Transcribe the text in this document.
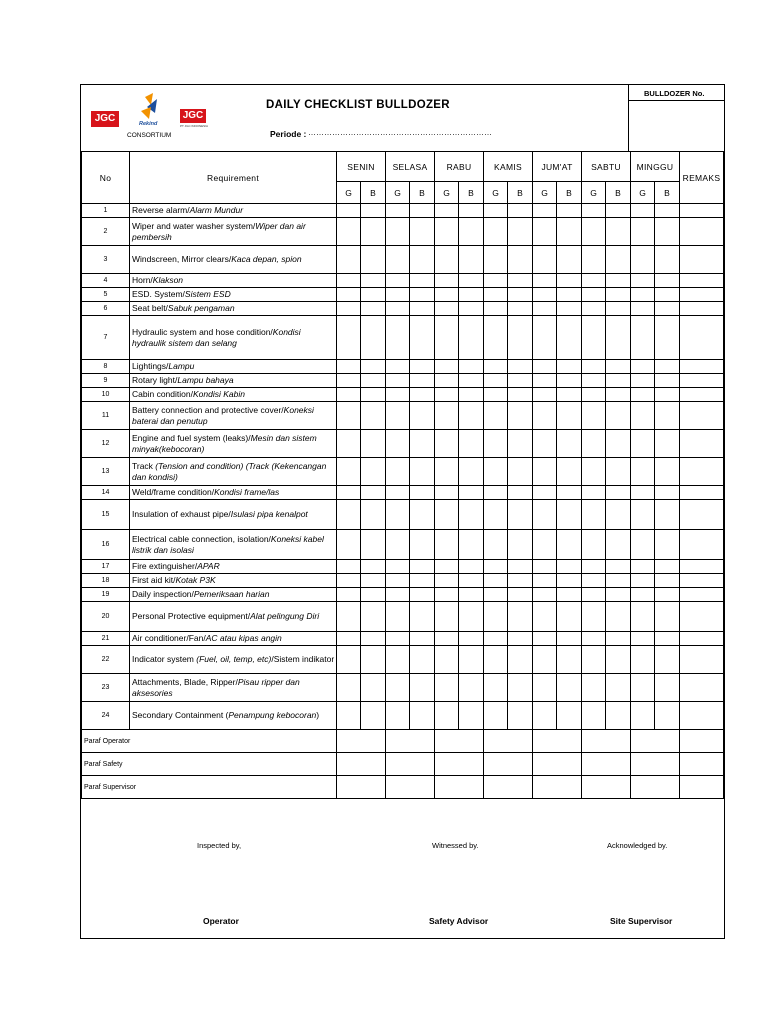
JGC	Rekind
CONSORTIUM
JGC
PT JGC INDONESIA
DAILY CHECKLIST BULLDOZER
Periode : ……………………………………………………………
BULLDOZER No.
No	Requirement	SENIN		SELASA		RABU		KAMIS		JUM'AT		SABTU		MINGGU		REMAKS
		G	B	G	B	G	B	G	B	G	B	G	B	G	B	
1	Reverse alarm/Alarm Mundur															
2	Wiper and water washer system/Wiper dan air pembersih															
3	Windscreen, Mirror clears/Kaca depan, spion															
4	Horn/Klakson															
5	ESD. System/Sistem ESD															
6	Seat belt/Sabuk pengaman															
7	Hydraulic system and hose condition/Kondisi hydraulik sistem dan selang															
8	Lightings/Lampu															
9	Rotary light/Lampu bahaya															
10	Cabin condition/Kondisi Kabin															
11	Battery connection and protective cover/Koneksi baterai dan penutup															
12	Engine and fuel system (leaks)/Mesin dan sistem minyak(kebocoran)															
13	Track (Tension and condition) (Track (Kekencangan dan kondisi)															
14	Weld/frame condition/Kondisi frame/las															
15	Insulation of exhaust pipe/Isulasi pipa kenalpot															
16	Electrical cable connection, isolation/Koneksi kabel listrik dan isolasi															
17	Fire extinguisher/APAR															
18	First aid kit/Kotak P3K															
19	Daily inspection/Pemeriksaan harian															
20	Personal Protective equipment/Alat pelingung Diri															
21	Air conditioner/Fan/AC atau kipas angin															
22	Indicator system (Fuel, oil, temp, etc)/Sistem indikator															
23	Attachments, Blade, Ripper/Pisau ripper dan aksesories															
24	Secondary Containment (Penampung kebocoran)															
Paraf Operator																
Paraf Safety																
Paraf Supervisor																
Inspected by,	Witnessed by.	Acknowledged by.
Operator	Safety Advisor	Site Supervisor
